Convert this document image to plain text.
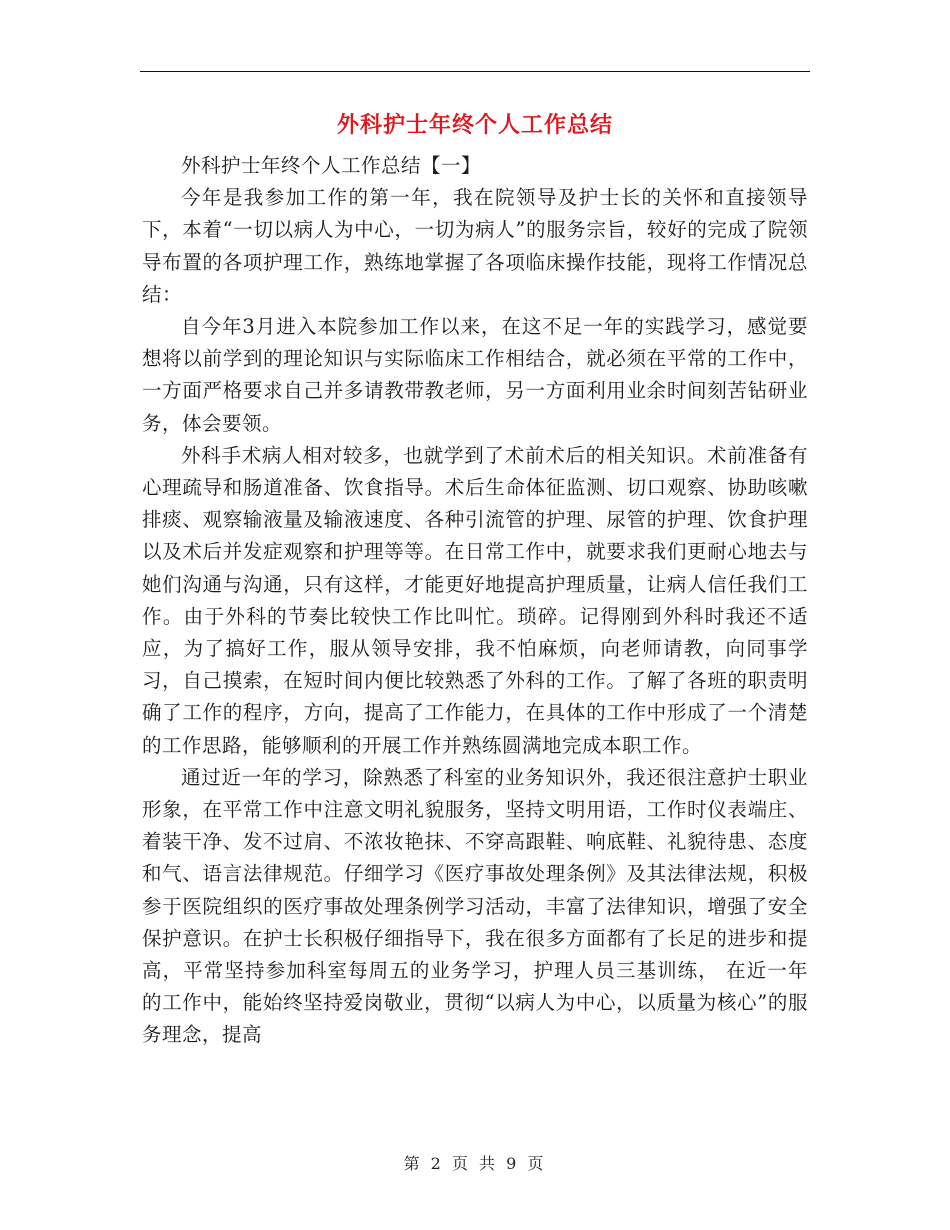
外科护士年终个人工作总结

外科护士年终个人工作总结【一】

今年是我参加工作的第一年，我在院领导及护士长的关怀和直接领导下，本着“一切以病人为中心，一切为病人”的服务宗旨，较好的完成了院领导布置的各项护理工作，熟练地掌握了各项临床操作技能，现将工作情况总结：

自今年3月进入本院参加工作以来，在这不足一年的实践学习，感觉要想将以前学到的理论知识与实际临床工作相结合，就必须在平常的工作中，一方面严格要求自己并多请教带教老师，另一方面利用业余时间刻苦钻研业务，体会要领。

外科手术病人相对较多，也就学到了术前术后的相关知识。术前准备有心理疏导和肠道准备、饮食指导。术后生命体征监测、切口观察、协助咳嗽排痰、观察输液量及输液速度、各种引流管的护理、尿管的护理、饮食护理以及术后并发症观察和护理等等。在日常工作中，就要求我们更耐心地去与她们沟通与沟通，只有这样，才能更好地提高护理质量，让病人信任我们工作。由于外科的节奏比较快工作比叫忙。琐碎。记得刚到外科时我还不适应，为了搞好工作，服从领导安排，我不怕麻烦，向老师请教，向同事学习，自己摸索，在短时间内便比较熟悉了外科的工作。了解了各班的职责明确了工作的程序，方向，提高了工作能力，在具体的工作中形成了一个清楚的工作思路，能够顺利的开展工作并熟练圆满地完成本职工作。

通过近一年的学习，除熟悉了科室的业务知识外，我还很注意护士职业形象，在平常工作中注意文明礼貌服务，坚持文明用语，工作时仪表端庄、着装干净、发不过肩、不浓妆艳抹、不穿高跟鞋、响底鞋、礼貌待患、态度和气、语言法律规范。仔细学习《医疗事故处理条例》及其法律法规，积极参于医院组织的医疗事故处理条例学习活动，丰富了法律知识，增强了安全保护意识。在护士长积极仔细指导下，我在很多方面都有了长足的进步和提高，平常坚持参加科室每周五的业务学习，护理人员三基训练， 在近一年的工作中，能始终坚持爱岗敬业，贯彻“以病人为中心，以质量为核心”的服务理念，提高

第 2 页 共 9 页
